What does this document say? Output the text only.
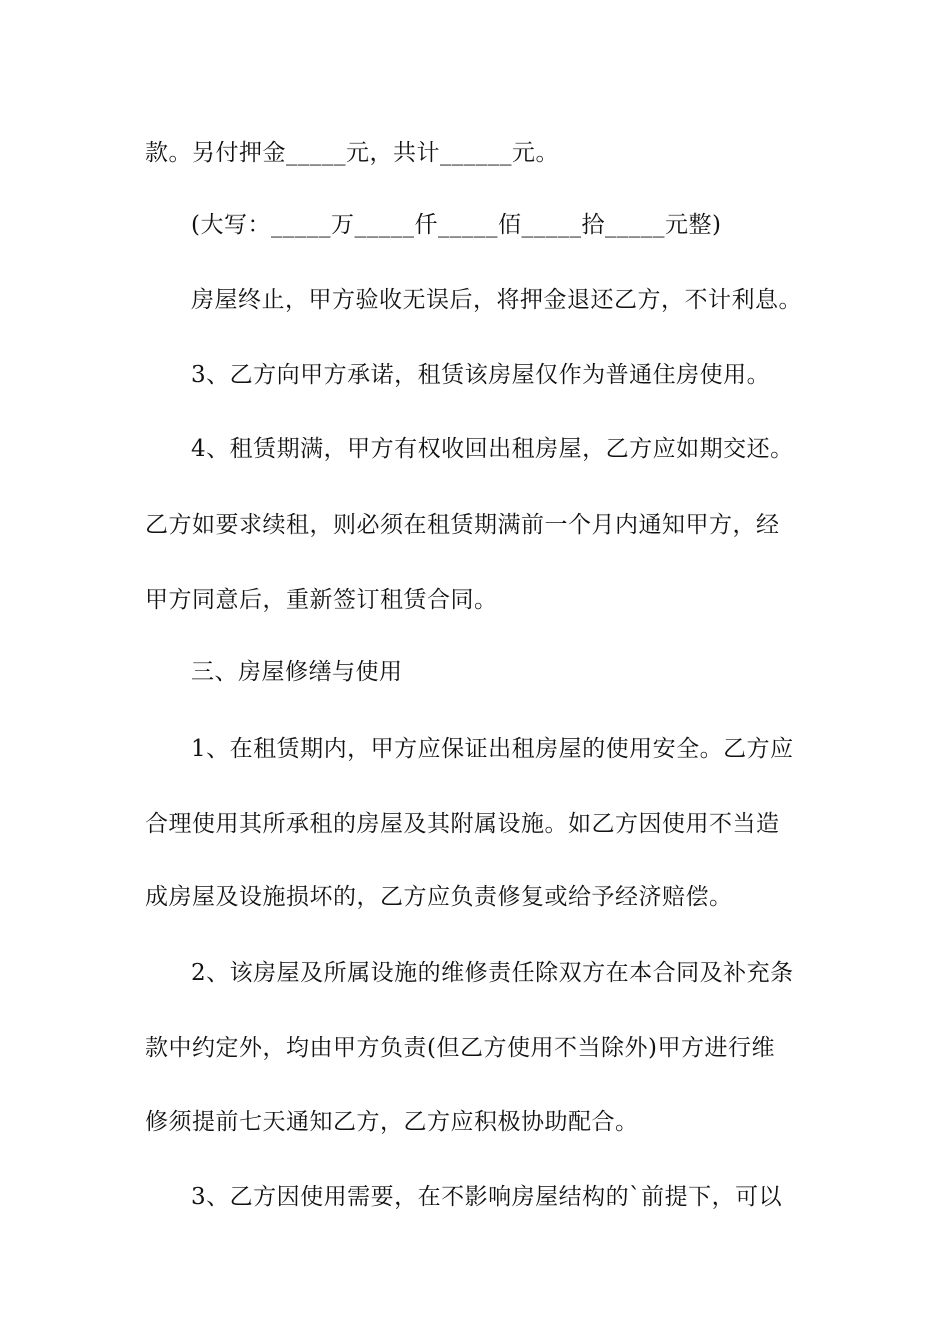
款。另付押金_____元，共计______元。
(大写：_____万_____仟_____佰_____拾_____元整)
房屋终止，甲方验收无误后，将押金退还乙方，不计利息。
3、乙方向甲方承诺，租赁该房屋仅作为普通住房使用。
4、租赁期满，甲方有权收回出租房屋，乙方应如期交还。
乙方如要求续租，则必须在租赁期满前一个月内通知甲方，经
甲方同意后，重新签订租赁合同。
三、房屋修缮与使用
1、在租赁期内，甲方应保证出租房屋的使用安全。乙方应
合理使用其所承租的房屋及其附属设施。如乙方因使用不当造
成房屋及设施损坏的，乙方应负责修复或给予经济赔偿。
2、该房屋及所属设施的维修责任除双方在本合同及补充条
款中约定外，均由甲方负责(但乙方使用不当除外)甲方进行维
修须提前七天通知乙方，乙方应积极协助配合。
3、乙方因使用需要，在不影响房屋结构的`前提下，可以
